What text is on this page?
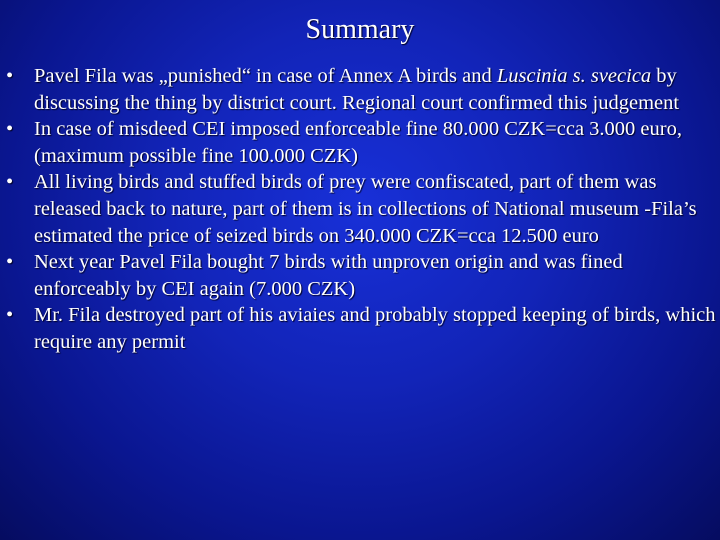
Summary
•	Pavel Fila was „punished“ in case of Annex A birds and Luscinia s. svecica by discussing the thing by district court. Regional court confirmed this judgement
•	In case of misdeed CEI imposed enforceable fine 80.000 CZK=cca 3.000 euro, (maximum possible fine 100.000 CZK)
•	All living birds and stuffed birds of prey were confiscated, part of them was released back to nature, part of them is in collections of National museum -Fila’s estimated the price of seized birds on 340.000 CZK=cca 12.500 euro
•	Next year Pavel Fila bought 7 birds with unproven origin and was fined enforceably by CEI again (7.000 CZK)
•	Mr. Fila destroyed part of his aviaies and probably stopped keeping of birds, which require any permit
